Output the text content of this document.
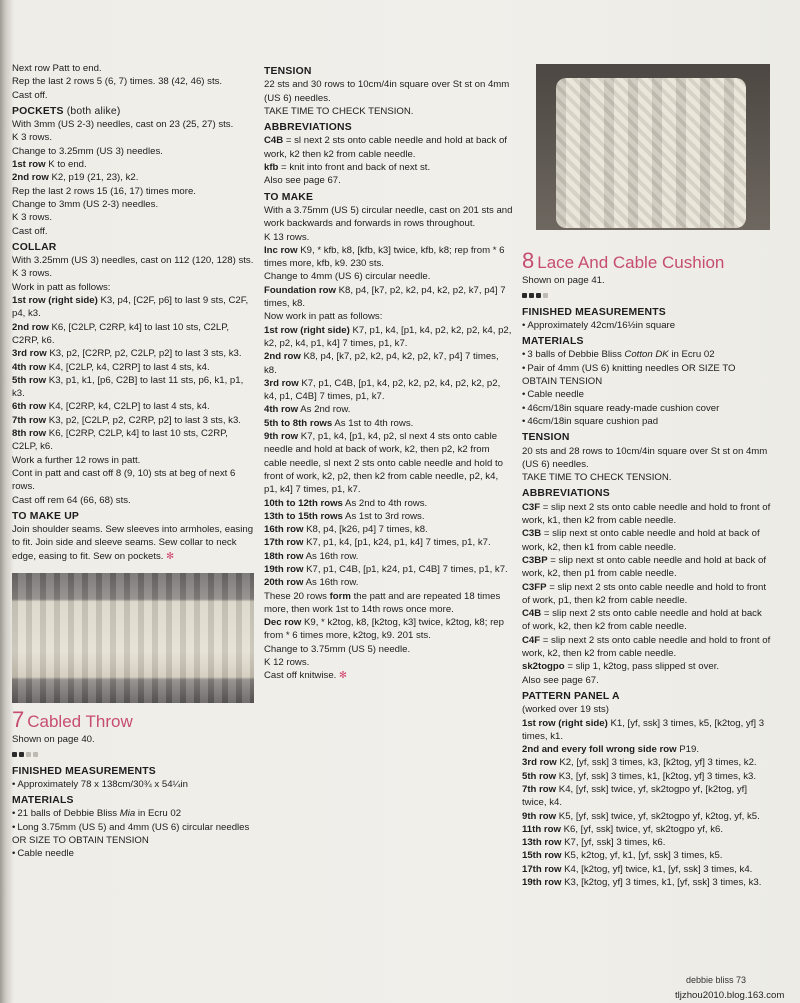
Next row Patt to end.

Rep the last 2 rows 5 (6, 7) times. 38 (42, 46) sts.

Cast off.

POCKETS (both alike)

With 3mm (US 2-3) needles, cast on 23 (25, 27) sts.

K 3 rows.

Change to 3.25mm (US 3) needles.

1st row K to end.

2nd row K2, p19 (21, 23), k2.

Rep the last 2 rows 15 (16, 17) times more.

Change to 3mm (US 2-3) needles.

K 3 rows.

Cast off.

COLLAR

With 3.25mm (US 3) needles, cast on 112 (120, 128) sts.

K 3 rows.

Work in patt as follows:

1st row (right side) K3, p4, [C2F, p6] to last 9 sts, C2F, p4, k3.

2nd row K6, [C2LP, C2RP, k4] to last 10 sts, C2LP, C2RP, k6.

3rd row K3, p2, [C2RP, p2, C2LP, p2] to last 3 sts, k3.

4th row K4, [C2LP, k4, C2RP] to last 4 sts, k4.

5th row K3, p1, k1, [p6, C2B] to last 11 sts, p6, k1, p1, k3.

6th row K4, [C2RP, k4, C2LP] to last 4 sts, k4.

7th row K3, p2, [C2LP, p2, C2RP, p2] to last 3 sts, k3.

8th row K6, [C2RP, C2LP, k4] to last 10 sts, C2RP, C2LP, k6.

Work a further 12 rows in patt.

Cont in patt and cast off 8 (9, 10) sts at beg of next 6 rows.

Cast off rem 64 (66, 68) sts.

TO MAKE UP

Join shoulder seams. Sew sleeves into armholes, easing to fit. Join side and sleeve seams. Sew collar to neck edge, easing to fit. Sew on pockets. ✻

7 Cabled Throw

Shown on page 40.

FINISHED MEASUREMENTS

• Approximately 78 x 138cm/30¾ x 54¼in

MATERIALS

• 21 balls of Debbie Bliss Mia in Ecru 02

• Long 3.75mm (US 5) and 4mm (US 6) circular needles OR SIZE TO OBTAIN TENSION

• Cable needle

TENSION

22 sts and 30 rows to 10cm/4in square over St st on 4mm (US 6) needles.

TAKE TIME TO CHECK TENSION.

ABBREVIATIONS

C4B = sl next 2 sts onto cable needle and hold at back of work, k2 then k2 from cable needle.

kfb = knit into front and back of next st.

Also see page 67.

TO MAKE

With a 3.75mm (US 5) circular needle, cast on 201 sts and work backwards and forwards in rows throughout.

K 13 rows.

Inc row K9, * kfb, k8, [kfb, k3] twice, kfb, k8; rep from * 6 times more, kfb, k9. 230 sts.

Change to 4mm (US 6) circular needle.

Foundation row K8, p4, [k7, p2, k2, p4, k2, p2, k7, p4] 7 times, k8.

Now work in patt as follows:

1st row (right side) K7, p1, k4, [p1, k4, p2, k2, p2, k4, p2, k2, p2, k4, p1, k4] 7 times, p1, k7.

2nd row K8, p4, [k7, p2, k2, p4, k2, p2, k7, p4] 7 times, k8.

3rd row K7, p1, C4B, [p1, k4, p2, k2, p2, k4, p2, k2, p2, k4, p1, C4B] 7 times, p1, k7.

4th row As 2nd row.

5th to 8th rows As 1st to 4th rows.

9th row K7, p1, k4, [p1, k4, p2, sl next 4 sts onto cable needle and hold at back of work, k2, then p2, k2 from cable needle, sl next 2 sts onto cable needle and hold to front of work, k2, p2, then k2 from cable needle, p2, k4, p1, k4] 7 times, p1, k7.

10th to 12th rows As 2nd to 4th rows.

13th to 15th rows As 1st to 3rd rows.

16th row K8, p4, [k26, p4] 7 times, k8.

17th row K7, p1, k4, [p1, k24, p1, k4] 7 times, p1, k7.

18th row As 16th row.

19th row K7, p1, C4B, [p1, k24, p1, C4B] 7 times, p1, k7.

20th row As 16th row.

These 20 rows form the patt and are repeated 18 times more, then work 1st to 14th rows once more.

Dec row K9, * k2tog, k8, [k2tog, k3] twice, k2tog, k8; rep from * 6 times more, k2tog, k9. 201 sts.

Change to 3.75mm (US 5) needle.

K 12 rows.

Cast off knitwise. ✻

8 Lace And Cable Cushion

Shown on page 41.

FINISHED MEASUREMENTS

• Approximately 42cm/16½in square

MATERIALS

• 3 balls of Debbie Bliss Cotton DK in Ecru 02

• Pair of 4mm (US 6) knitting needles OR SIZE TO OBTAIN TENSION

• Cable needle

• 46cm/18in square ready-made cushion cover

• 46cm/18in square cushion pad

TENSION

20 sts and 28 rows to 10cm/4in square over St st on 4mm (US 6) needles.

TAKE TIME TO CHECK TENSION.

ABBREVIATIONS

C3F = slip next 2 sts onto cable needle and hold to front of work, k1, then k2 from cable needle.

C3B = slip next st onto cable needle and hold at back of work, k2, then k1 from cable needle.

C3BP = slip next st onto cable needle and hold at back of work, k2, then p1 from cable needle.

C3FP = slip next 2 sts onto cable needle and hold to front of work, p1, then k2 from cable needle.

C4B = slip next 2 sts onto cable needle and hold at back of work, k2, then k2 from cable needle.

C4F = slip next 2 sts onto cable needle and hold to front of work, k2, then k2 from cable needle.

sk2togpo = slip 1, k2tog, pass slipped st over.

Also see page 67.

PATTERN PANEL A

(worked over 19 sts)

1st row (right side) K1, [yf, ssk] 3 times, k5, [k2tog, yf] 3 times, k1.

2nd and every foll wrong side row P19.

3rd row K2, [yf, ssk] 3 times, k3, [k2tog, yf] 3 times, k2.

5th row K3, [yf, ssk] 3 times, k1, [k2tog, yf] 3 times, k3.

7th row K4, [yf, ssk] twice, yf, sk2togpo yf, [k2tog, yf] twice, k4.

9th row K5, [yf, ssk] twice, yf, sk2togpo yf, k2tog, yf, k5.

11th row K6, [yf, ssk] twice, yf, sk2togpo yf, k6.

13th row K7, [yf, ssk] 3 times, k6.

15th row K5, k2tog, yf, k1, [yf, ssk] 3 times, k5.

17th row K4, [k2tog, yf] twice, k1, [yf, ssk] 3 times, k4.

19th row K3, [k2tog, yf] 3 times, k1, [yf, ssk] 3 times, k3.

debbie bliss 73
tljzhou2010.blog.163.com
